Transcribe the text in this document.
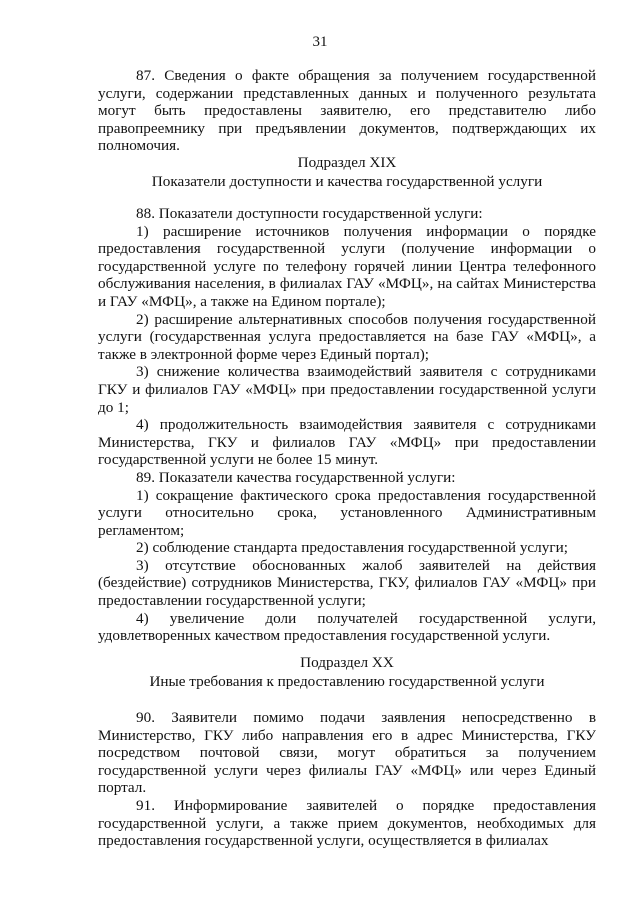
31

87. Сведения о факте обращения за получением государственной услуги, содержании представленных данных и полученного результата могут быть предоставлены заявителю, его представителю либо правопреемнику при предъявлении документов, подтверждающих их полномочия.

Подраздел XIX
Показатели доступности и качества государственной услуги

88. Показатели доступности государственной услуги:

1) расширение источников получения информации о порядке предоставления государственной услуги (получение информации о государственной услуге по телефону горячей линии Центра телефонного обслуживания населения, в филиалах ГАУ «МФЦ», на сайтах Министерства и ГАУ «МФЦ», а также на Едином портале);

2) расширение альтернативных способов получения государственной услуги (государственная услуга предоставляется на базе ГАУ «МФЦ», а также в электронной форме через Единый портал);

3) снижение количества взаимодействий заявителя с сотрудниками ГКУ и филиалов ГАУ «МФЦ» при предоставлении государственной услуги до 1;

4) продолжительность взаимодействия заявителя с сотрудниками Министерства, ГКУ и филиалов ГАУ «МФЦ» при предоставлении государственной услуги не более 15 минут.

89. Показатели качества государственной услуги:

1) сокращение фактического срока предоставления государственной услуги относительно срока, установленного Административным регламентом;

2) соблюдение стандарта предоставления государственной услуги;

3) отсутствие обоснованных жалоб заявителей на действия (бездействие) сотрудников Министерства, ГКУ, филиалов ГАУ «МФЦ» при предоставлении государственной услуги;

4) увеличение доли получателей государственной услуги, удовлетворенных качеством предоставления государственной услуги.

Подраздел XX
Иные требования к предоставлению государственной услуги

90. Заявители помимо подачи заявления непосредственно в Министерство, ГКУ либо направления его в адрес Министерства, ГКУ посредством почтовой связи, могут обратиться за получением государственной услуги через филиалы ГАУ «МФЦ» или через Единый портал.

91. Информирование заявителей о порядке предоставления государственной услуги, а также прием документов, необходимых для предоставления государственной услуги, осуществляется в филиалах
